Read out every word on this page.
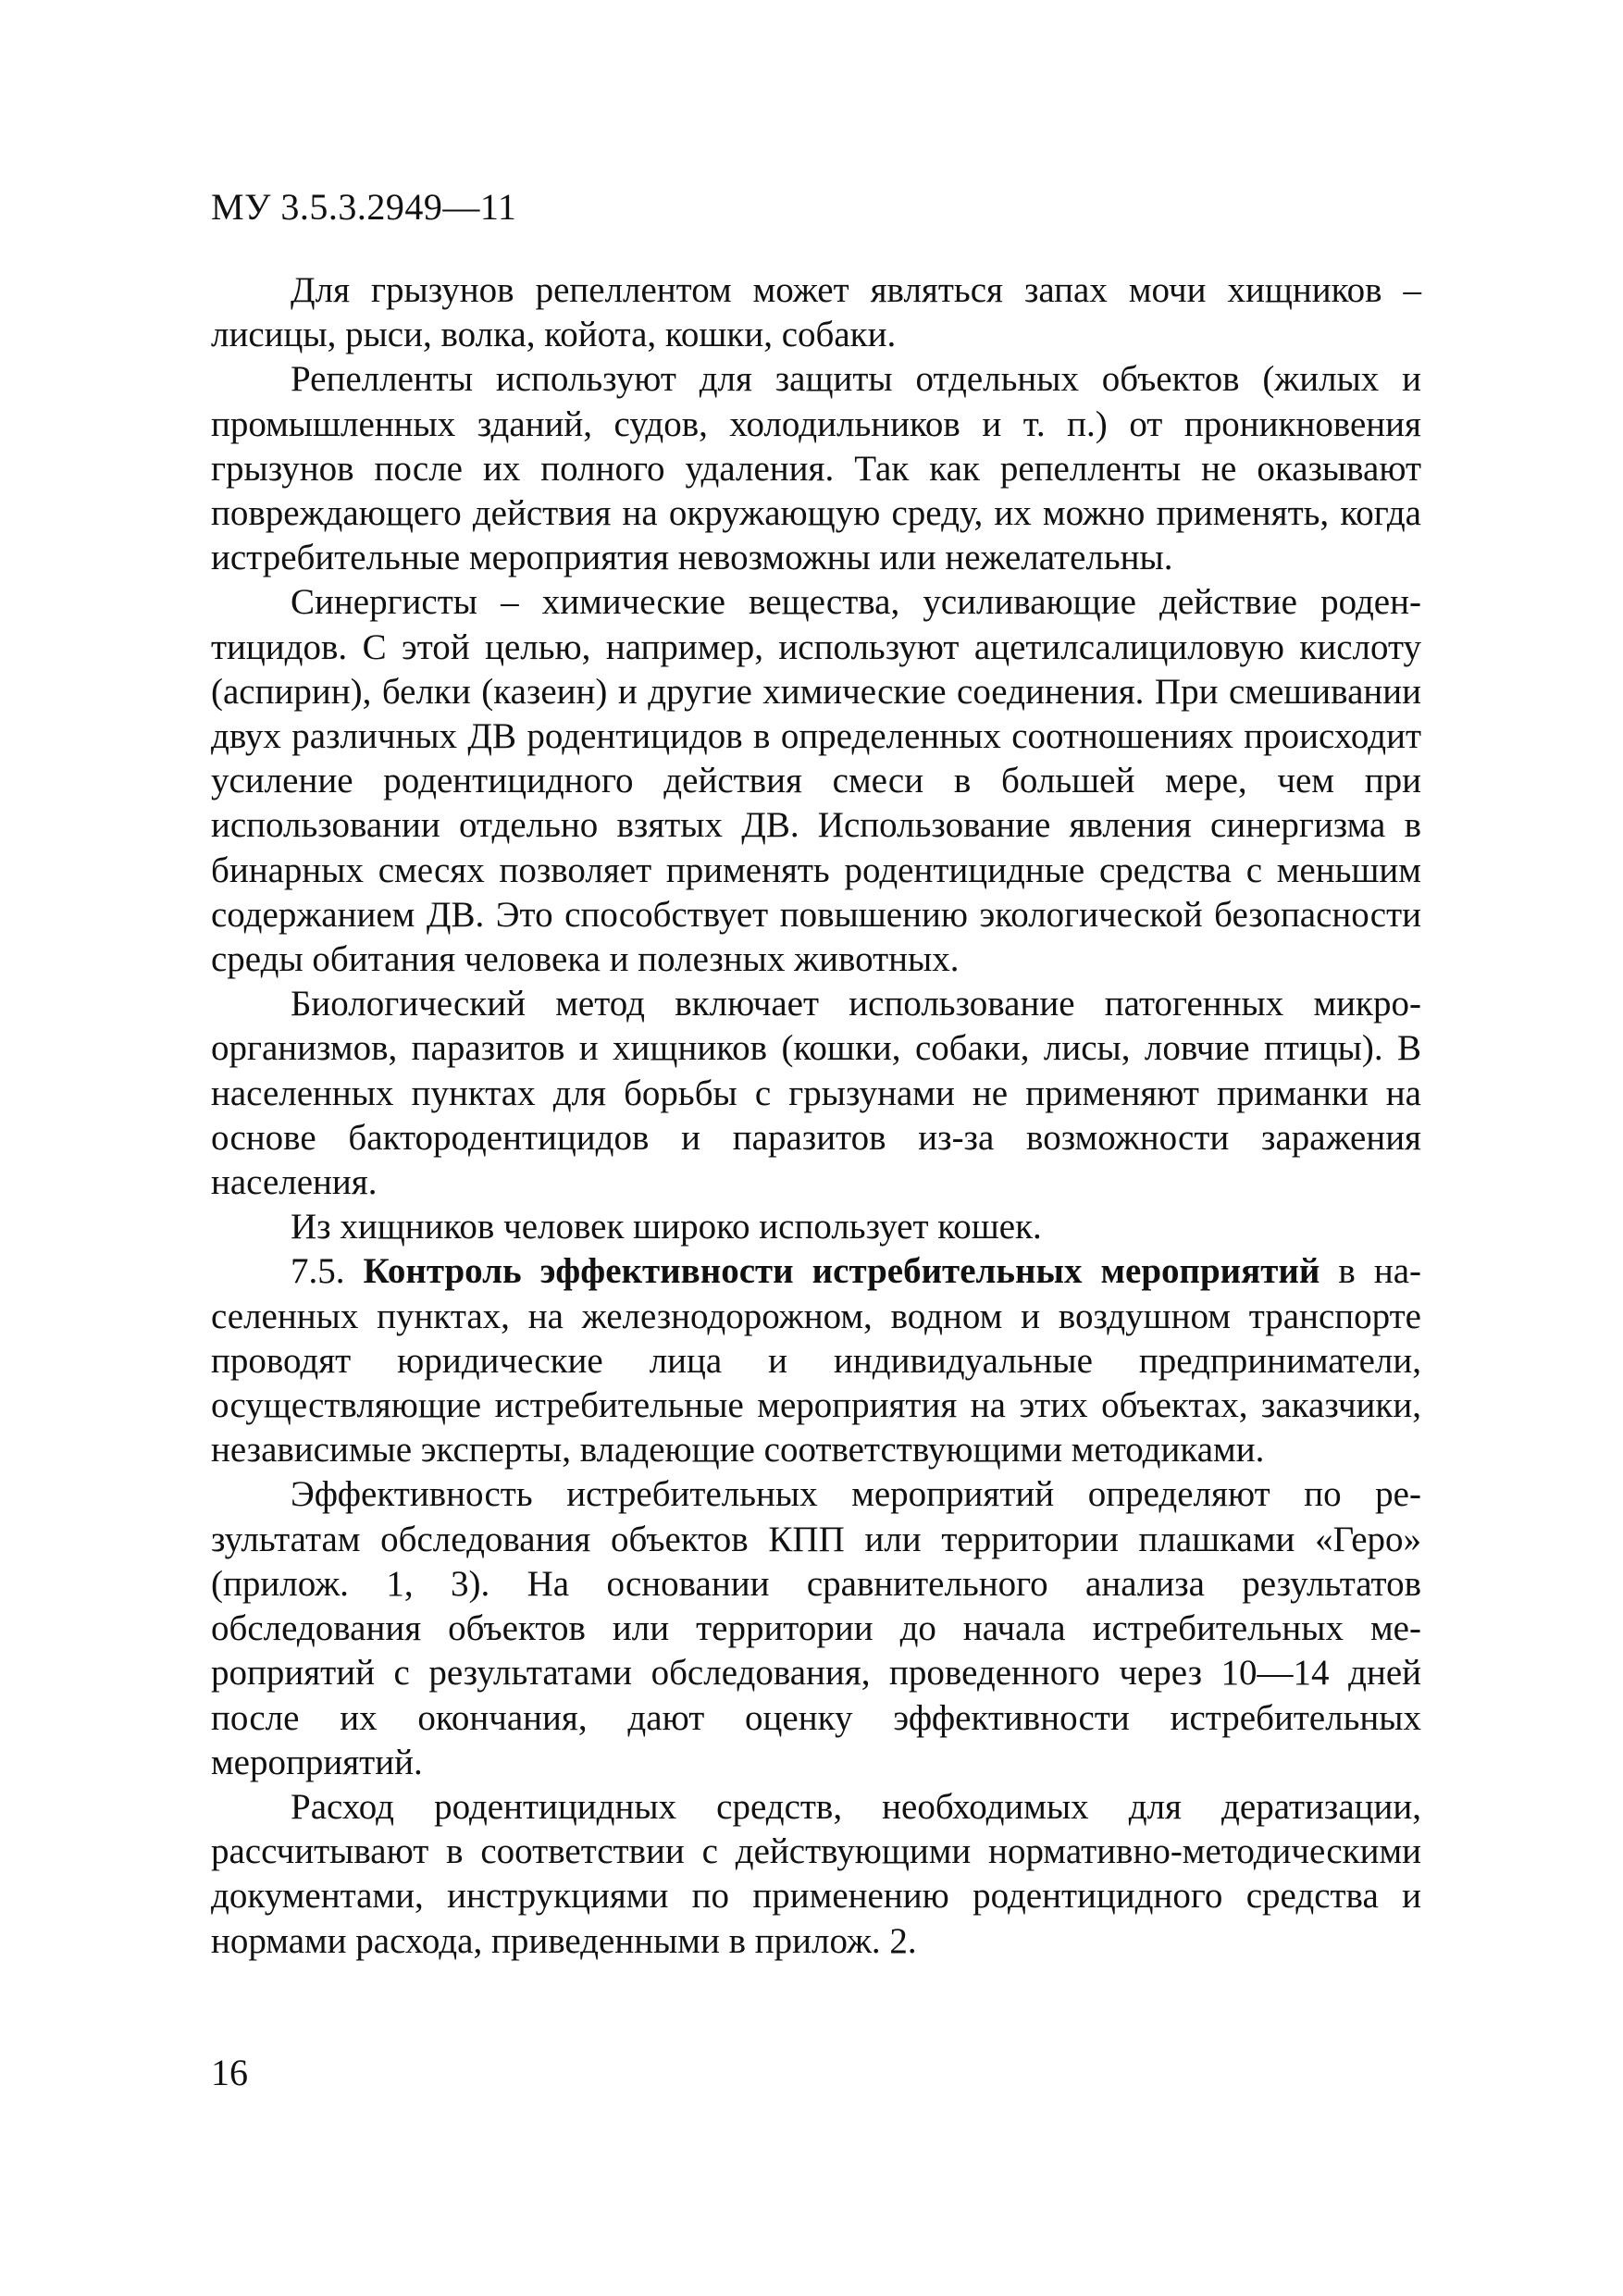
МУ 3.5.3.2949—11

Для грызунов репеллентом может являться запах мочи хищников – лисицы, рыси, волка, койота, кошки, собаки.

Репелленты используют для защиты отдельных объектов (жилых и промышленных зданий, судов, холодильников и т. п.) от проникновения грызунов после их полного удаления. Так как репелленты не оказывают повреждающего действия на окружающую среду, их можно применять, когда истребительные мероприятия невозможны или нежелательны.

Синергисты – химические вещества, усиливающие действие родентицидов. С этой целью, например, используют ацетилсалициловую кислоту (аспирин), белки (казеин) и другие химические соединения. При смешивании двух различных ДВ родентицидов в определенных соотношениях происходит усиление родентицидного действия смеси в большей мере, чем при использовании отдельно взятых ДВ. Использование явления синергизма в бинарных смесях позволяет применять родентицидные средства с меньшим содержанием ДВ. Это способствует повышению экологической безопасности среды обитания человека и полезных животных.

Биологический метод включает использование патогенных микроорганизмов, паразитов и хищников (кошки, собаки, лисы, ловчие птицы). В населенных пунктах для борьбы с грызунами не применяют приманки на основе бактородентицидов и паразитов из-за возможности заражения населения.

Из хищников человек широко использует кошек.

7.5. Контроль эффективности истребительных мероприятий в населенных пунктах, на железнодорожном, водном и воздушном транспорте проводят юридические лица и индивидуальные предприниматели, осуществляющие истребительные мероприятия на этих объектах, заказчики, независимые эксперты, владеющие соответствующими методиками.

Эффективность истребительных мероприятий определяют по результатам обследования объектов КПП или территории плашками «Геро» (прилож. 1, 3). На основании сравнительного анализа результатов обследования объектов или территории до начала истребительных мероприятий с результатами обследования, проведенного через 10—14 дней после их окончания, дают оценку эффективности истребительных мероприятий.

Расход родентицидных средств, необходимых для дератизации, рассчитывают в соответствии с действующими нормативно-методическими документами, инструкциями по применению родентицидного средства и нормами расхода, приведенными в прилож. 2.

16
